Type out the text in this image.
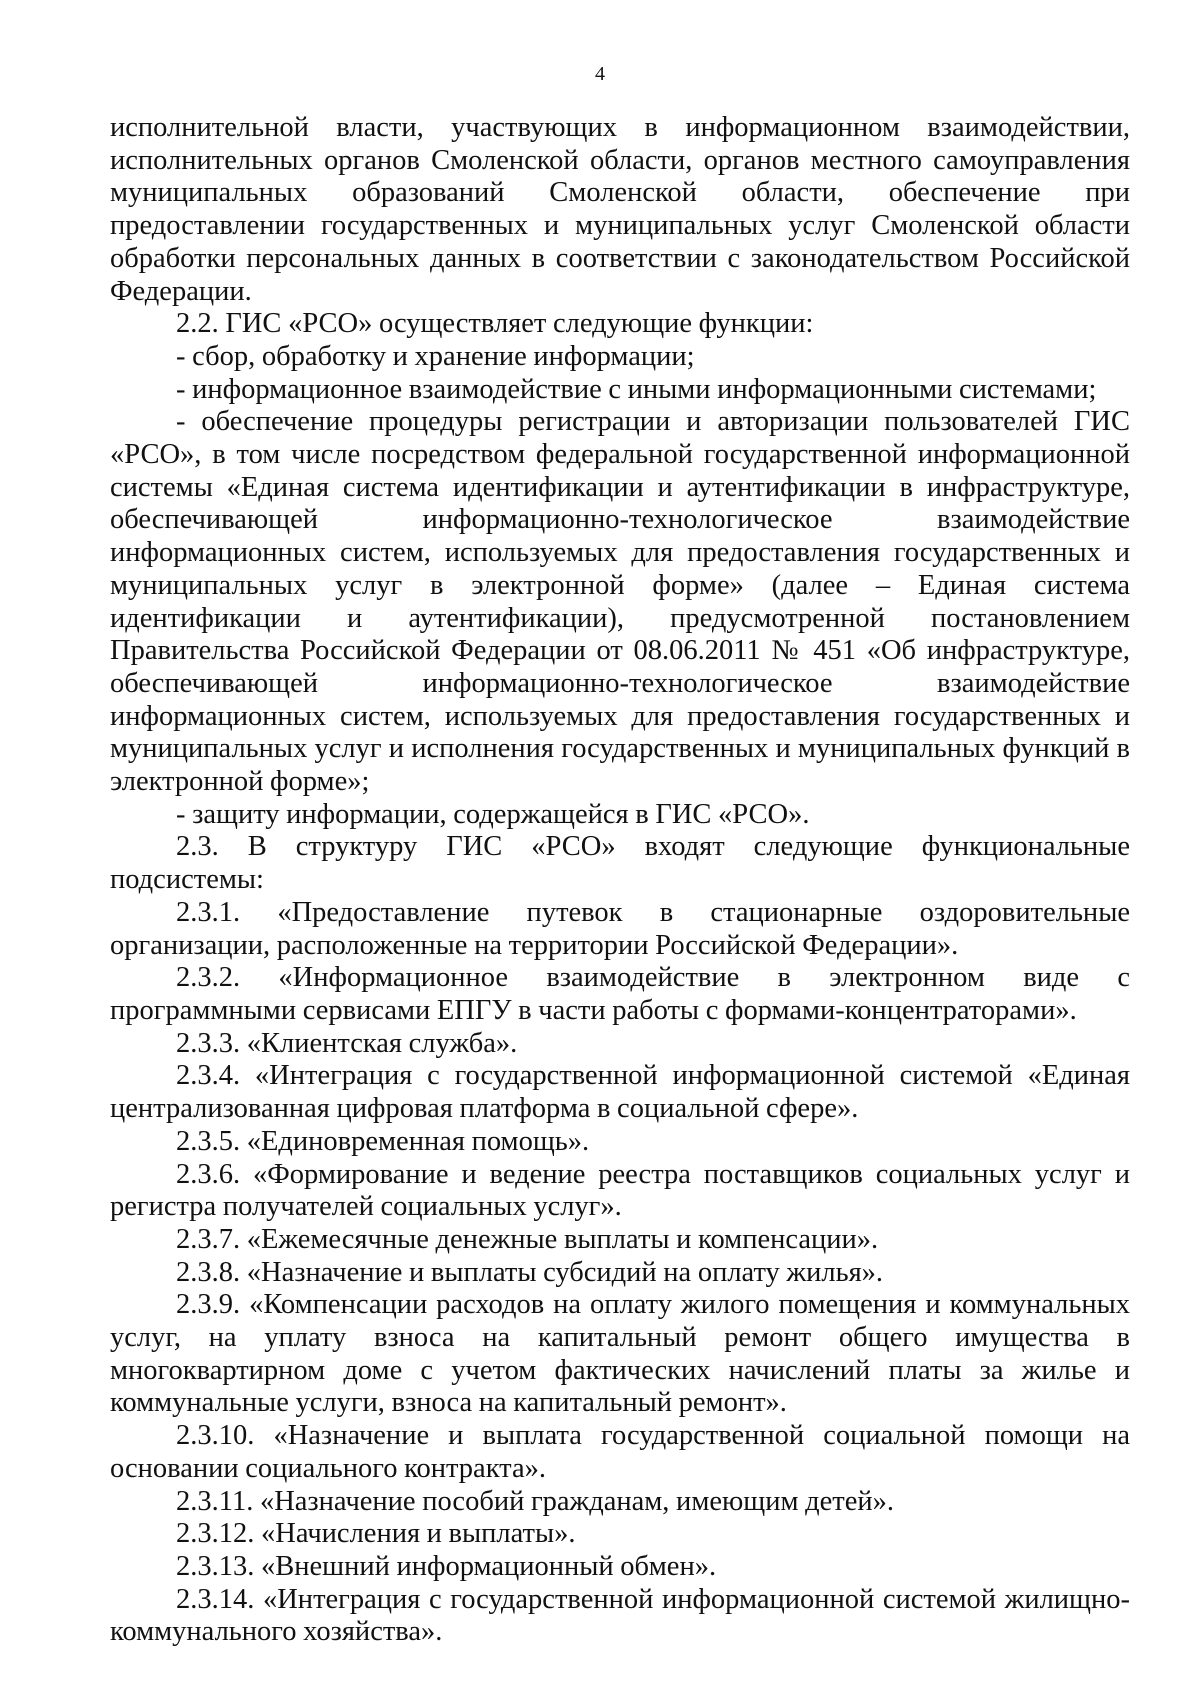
4

исполнительной власти, участвующих в информационном взаимодействии, исполнительных органов Смоленской области, органов местного самоуправления муниципальных образований Смоленской области, обеспечение при предоставлении государственных и муниципальных услуг Смоленской области обработки персональных данных в соответствии с законодательством Российской Федерации.

2.2. ГИС «РСО» осуществляет следующие функции:

- сбор, обработку и хранение информации;

- информационное взаимодействие с иными информационными системами;

- обеспечение процедуры регистрации и авторизации пользователей ГИС «РСО», в том числе посредством федеральной государственной информационной системы «Единая система идентификации и аутентификации в инфраструктуре, обеспечивающей информационно-технологическое взаимодействие информационных систем, используемых для предоставления государственных и муниципальных услуг в электронной форме» (далее – Единая система идентификации и аутентификации), предусмотренной постановлением Правительства Российской Федерации от 08.06.2011 № 451 «Об инфраструктуре, обеспечивающей информационно-технологическое взаимодействие информационных систем, используемых для предоставления государственных и муниципальных услуг и исполнения государственных и муниципальных функций в электронной форме»;

- защиту информации, содержащейся в ГИС «РСО».

2.3. В структуру ГИС «РСО» входят следующие функциональные подсистемы:

2.3.1. «Предоставление путевок в стационарные оздоровительные организации, расположенные на территории Российской Федерации».

2.3.2. «Информационное взаимодействие в электронном виде с программными сервисами ЕПГУ в части работы с формами-концентраторами».

2.3.3. «Клиентская служба».

2.3.4. «Интеграция с государственной информационной системой «Единая централизованная цифровая платформа в социальной сфере».

2.3.5. «Единовременная помощь».

2.3.6. «Формирование и ведение реестра поставщиков социальных услуг и регистра получателей социальных услуг».

2.3.7. «Ежемесячные денежные выплаты и компенсации».

2.3.8. «Назначение и выплаты субсидий на оплату жилья».

2.3.9. «Компенсации расходов на оплату жилого помещения и коммунальных услуг, на уплату взноса на капитальный ремонт общего имущества в многоквартирном доме с учетом фактических начислений платы за жилье и коммунальные услуги, взноса на капитальный ремонт».

2.3.10. «Назначение и выплата государственной социальной помощи на основании социального контракта».

2.3.11. «Назначение пособий гражданам, имеющим детей».

2.3.12. «Начисления и выплаты».

2.3.13. «Внешний информационный обмен».

2.3.14. «Интеграция с государственной информационной системой жилищно-коммунального хозяйства».
